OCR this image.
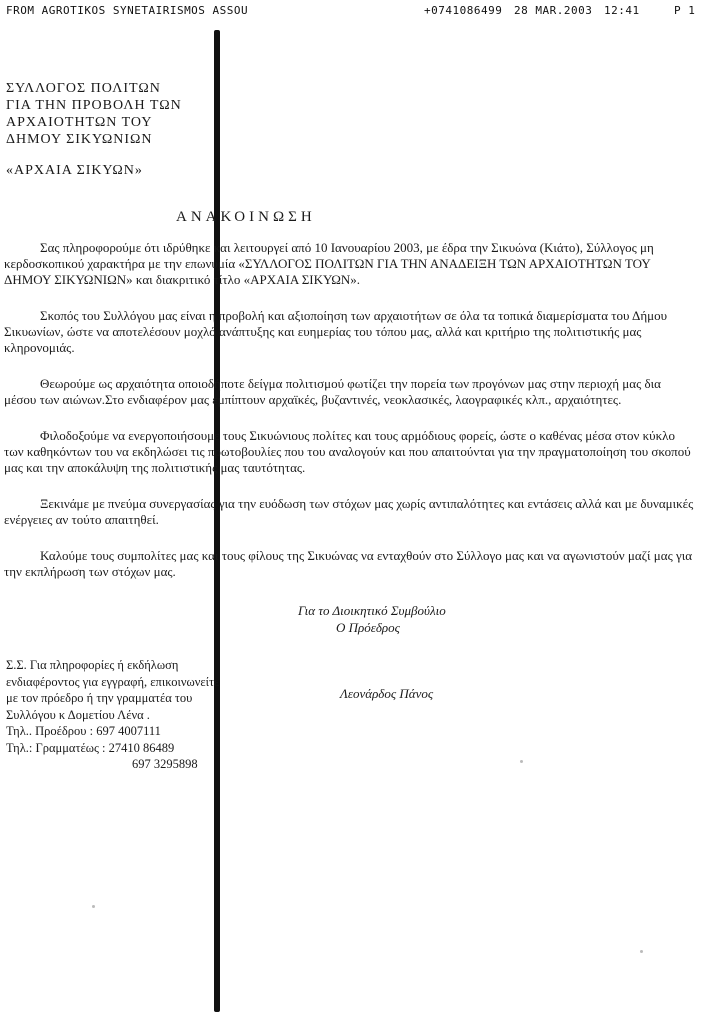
FROM AGROTIKOS SYNETAIRISMOS ASSOU

	+0741086499

28 MAR.2003

12:41

	P 1

ΣΥΛΛΟΓΟΣ ΠΟΛΙΤΩΝ
ΓΙΑ ΤΗΝ ΠΡΟΒΟΛΗ ΤΩΝ
ΑΡΧΑΙΟΤΗΤΩΝ ΤΟΥ
ΔΗΜΟΥ ΣΙΚΥΩΝΙΩΝ
«ΑΡΧΑΙΑ ΣΙΚΥΩΝ»
ΑΝΑΚΟΙΝΩΣΗ

Σας πληροφορούμε ότι ιδρύθηκε και λειτουργεί από 10 Ιανουαρίου 2003, με έδρα την Σικυώνα (Κιάτο), Σύλλογος μη κερδοσκοπικού χαρακτήρα με την επωνυμία «ΣΥΛΛΟΓΟΣ ΠΟΛΙΤΩΝ ΓΙΑ ΤΗΝ ΑΝΑΔΕΙΞΗ ΤΩΝ ΑΡΧΑΙΟΤΗΤΩΝ ΤΟΥ ΔΗΜΟΥ ΣΙΚΥΩΝΙΩΝ» και διακριτικό τίτλο «ΑΡΧΑΙΑ ΣΙΚΥΩΝ».

Σκοπός του Συλλόγου μας είναι η προβολή και αξιοποίηση των αρχαιοτήτων σε όλα τα τοπικά διαμερίσματα του Δήμου Σικυωνίων, ώστε να αποτελέσουν μοχλό ανάπτυξης και ευημερίας του τόπου μας, αλλά και κριτήριο της πολιτιστικής μας κληρονομιάς.

Θεωρούμε ως αρχαιότητα οποιοδήποτε δείγμα πολιτισμού φωτίζει την πορεία των προγόνων μας στην περιοχή μας δια μέσου των αιώνων.Στο ενδιαφέρον μας εμπίπτουν αρχαϊκές, βυζαντινές, νεοκλασικές, λαογραφικές κλπ., αρχαιότητες.

Φιλοδοξούμε να ενεργοποιήσουμε τους Σικυώνιους πολίτες και τους αρμόδιους φορείς, ώστε ο καθένας μέσα στον κύκλο των καθηκόντων του να εκδηλώσει τις πρωτοβουλίες που του αναλογούν και που απαιτούνται για την πραγματοποίηση του σκοπού μας και την αποκάλυψη της πολιτιστικής μας ταυτότητας.

Ξεκινάμε με πνεύμα συνεργασίας για την ευόδωση των στόχων μας χωρίς αντιπαλότητες και εντάσεις αλλά και με δυναμικές ενέργειες αν τούτο απαιτηθεί.

Καλούμε τους συμπολίτες μας και τους φίλους της Σικυώνας να ενταχθούν στο Σύλλογο μας και να αγωνιστούν μαζί μας για την εκπλήρωση των στόχων μας.

Για το Διοικητικό Συμβούλιο
Ο Πρόεδρος
Σ.Σ. Για πληροφορίες ή εκδήλωση
ενδιαφέροντος για εγγραφή, επικοινωνείτε
με τον πρόεδρο ή την γραμματέα του
Συλλόγου κ Δομετίου Λένα .
Τηλ.. Προέδρου : 697 4007111
Τηλ.: Γραμματέως : 27410 86489
697 3295898
Λεονάρδος Πάνος
